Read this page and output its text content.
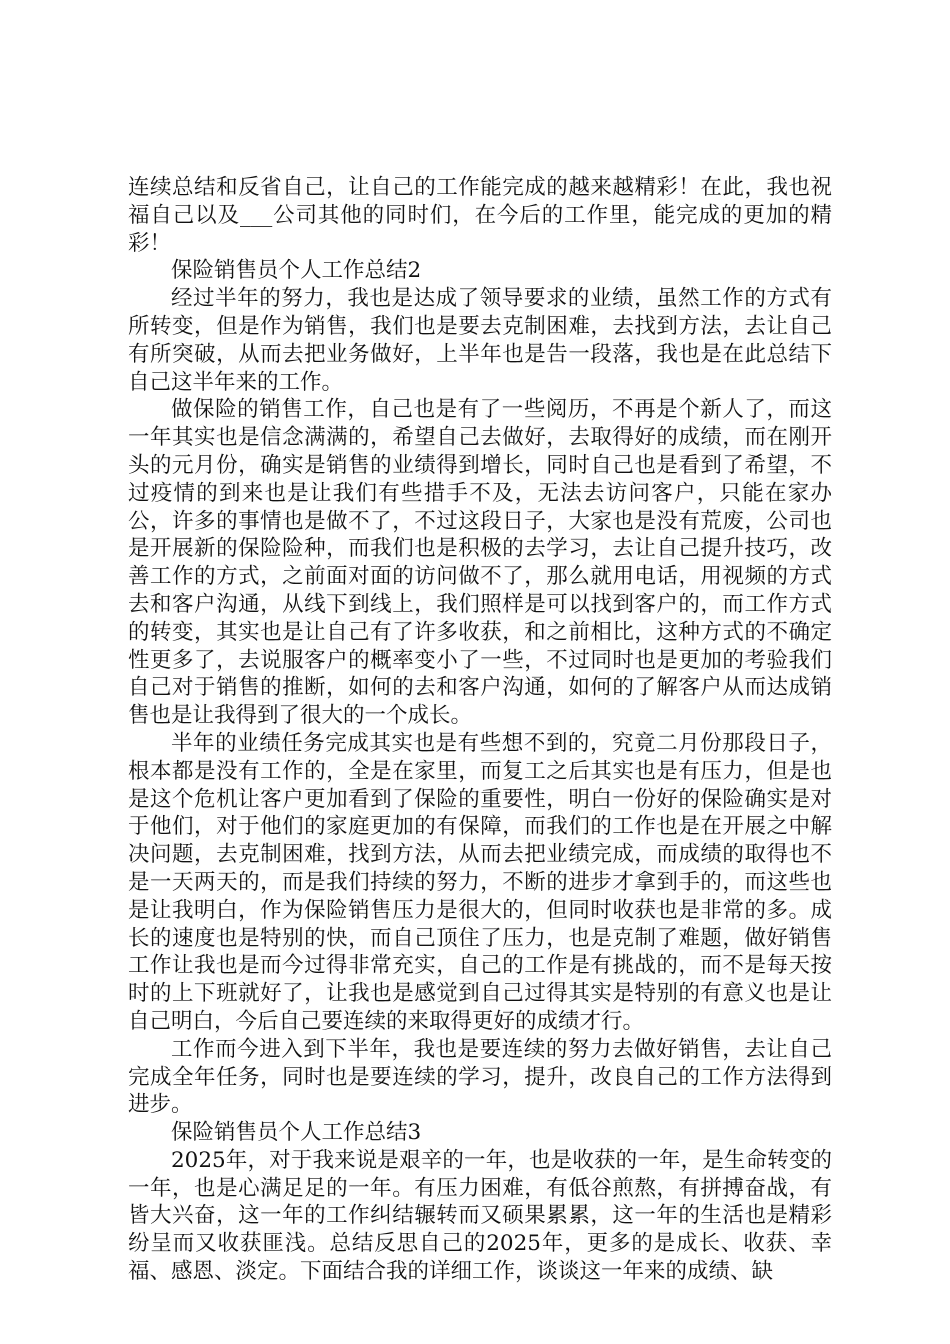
连续总结和反省自己，让自己的工作能完成的越来越精彩！在此，我也祝福自己以及___公司其他的同时们，在今后的工作里，能完成的更加的精彩！

保险销售员个人工作总结2

经过半年的努力，我也是达成了领导要求的业绩，虽然工作的方式有所转变，但是作为销售，我们也是要去克制困难，去找到方法，去让自己有所突破，从而去把业务做好，上半年也是告一段落，我也是在此总结下自己这半年来的工作。

做保险的销售工作，自己也是有了一些阅历，不再是个新人了，而这一年其实也是信念满满的，希望自己去做好，去取得好的成绩，而在刚开头的元月份，确实是销售的业绩得到增长，同时自己也是看到了希望，不过疫情的到来也是让我们有些措手不及，无法去访问客户，只能在家办公，许多的事情也是做不了，不过这段日子，大家也是没有荒废，公司也是开展新的保险险种，而我们也是积极的去学习，去让自己提升技巧，改善工作的方式，之前面对面的访问做不了，那么就用电话，用视频的方式去和客户沟通，从线下到线上，我们照样是可以找到客户的，而工作方式的转变，其实也是让自己有了许多收获，和之前相比，这种方式的不确定性更多了，去说服客户的概率变小了一些，不过同时也是更加的考验我们自己对于销售的推断，如何的去和客户沟通，如何的了解客户从而达成销售也是让我得到了很大的一个成长。

半年的业绩任务完成其实也是有些想不到的，究竟二月份那段日子，根本都是没有工作的，全是在家里，而复工之后其实也是有压力，但是也是这个危机让客户更加看到了保险的重要性，明白一份好的保险确实是对于他们，对于他们的家庭更加的有保障，而我们的工作也是在开展之中解决问题，去克制困难，找到方法，从而去把业绩完成，而成绩的取得也不是一天两天的，而是我们持续的努力，不断的进步才拿到手的，而这些也是让我明白，作为保险销售压力是很大的，但同时收获也是非常的多。成长的速度也是特别的快，而自己顶住了压力，也是克制了难题，做好销售工作让我也是而今过得非常充实，自己的工作是有挑战的，而不是每天按时的上下班就好了，让我也是感觉到自己过得其实是特别的有意义也是让自己明白，今后自己要连续的来取得更好的成绩才行。

工作而今进入到下半年，我也是要连续的努力去做好销售，去让自己完成全年任务，同时也是要连续的学习，提升，改良自己的工作方法得到进步。

保险销售员个人工作总结3

2025年，对于我来说是艰辛的一年，也是收获的一年，是生命转变的一年，也是心满足足的一年。有压力困难，有低谷煎熬，有拼搏奋战，有皆大兴奋，这一年的工作纠结辗转而又硕果累累，这一年的生活也是精彩纷呈而又收获匪浅。总结反思自己的2025年，更多的是成长、收获、幸福、感恩、淡定。下面结合我的详细工作，谈谈这一年来的成绩、缺
